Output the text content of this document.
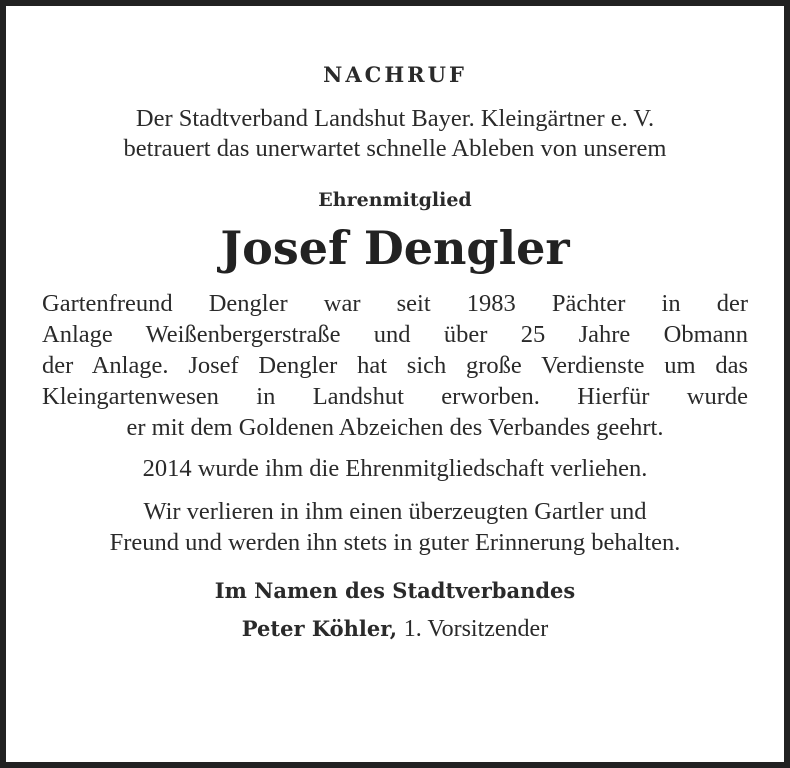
NACHRUF

Der Stadtverband Landshut Bayer. Kleingärtner e. V.
betrauert das unerwartet schnelle Ableben von unserem

Ehrenmitglied

Josef Dengler

Gartenfreund Dengler war seit 1983 Pächter in der
Anlage Weißenbergerstraße und über 25 Jahre Obmann
der Anlage. Josef Dengler hat sich große Verdienste um das
Kleingartenwesen in Landshut erworben. Hierfür wurde
er mit dem Goldenen Abzeichen des Verbandes geehrt.

2014 wurde ihm die Ehrenmitgliedschaft verliehen.

Wir verlieren in ihm einen überzeugten Gartler und
Freund und werden ihn stets in guter Erinnerung behalten.

Im Namen des Stadtverbandes

Peter Köhler, 1. Vorsitzender
